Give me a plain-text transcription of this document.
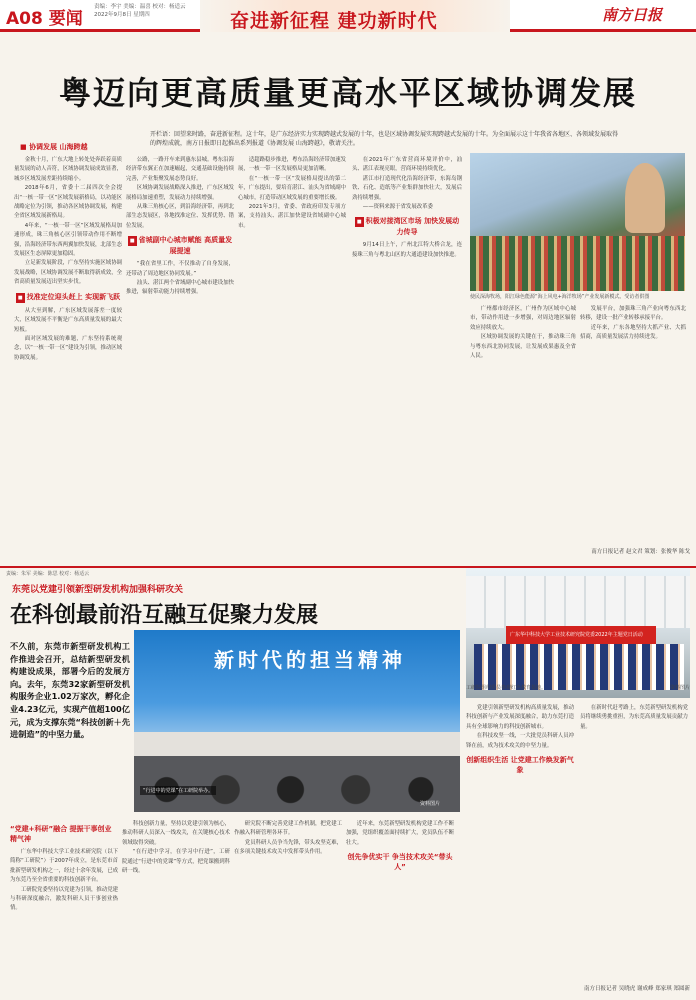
A08 要闻
责编：李宇 美编：温喜 校对：杨适云
2022年9月8日 星期四	奋进新征程 建功新时代	南方日报
粤迈向更高质量更高水平区域协调发展
■ 协调发展 山海跨越
开栏语：回望来时路，奋进新征程。这十年，是广东经济实力实现跨越式发展的十年，也是区域协调发展实现跨越式发展的十年。为全面展示这十年我省各地区、各领域发展取得的辉煌成就，南方日报即日起推出系列报道《协调发展 山海跨越》，敬请关注。

金秋十月，广东大地上转处处奔跃着高质量发展的动人音符，区域协调发展成效显著，城乡区域发展差距持续缩小。

2018年6月，省委十二届四次全会提出“一核一带一区”区域发展新格局，以功能区战略定位为引领，推动各区域协调发展，构建全省区域发展新格局。

4年来，“一核一带一区”区域发展格局加速形成，珠三角核心区引领带动作用不断增强，沿海经济带东西两翼加快发展，北部生态发展区生态屏障更加稳固。

立足新发展阶段，广东坚持实施区域协调发展战略，区域协调发展不断取得新成效，全省高质量发展迈出坚实步伐。

■ 找准定位迎头赶上 实现新飞跃

从大至到解，广东区域发展落差一度较大，区域发展不平衡是广东高质量发展的最大短板。

面对区域发展的难题，广东坚持系统观念，以“一核一带一区”建设为引领，推动区域协调发展。

公路，一路开车来到惠东县城。粤东沿海经济带东翼正在加速崛起，交通基础设施持续完善，产业集聚发展态势良好。

区域协调发展战略深入推进，广东区域发展格局加速重塑，发展动力持续增强。

从珠三角核心区，到沿海经济带，再到北部生态发展区，各地找准定位、发挥优势、错位发展。

■ 省城副中心城市赋能 高质量发展提速

“我在省里工作，不仅推动了自身发展，还带动了周边地区协同发展。”

汕头、湛江两个省域副中心城市建设加快推进，辐射带动能力持续增强。

适超路稳步推进，粤东沿海经济带加速发展，一核一带一区发展格局更加清晰。

在“一核一带一区”发展格局提出的第二年，广东提出，要培育湛江、汕头为省域副中心城市，打造带动区域发展的重要增长极。

2021年3月，省委、省政府印发专项方案，支持汕头、湛江加快建设省域副中心城市。

在2021年广东省营商环境评价中，汕头、湛江表现亮眼，营商环境持续优化。

湛江市打造现代化沿海经济带，东海岛钢铁、石化、造纸等产业集群加快壮大，发展后劲持续增强。

——资料来源于省发展改革委

■ 积极对接湾区市场 加快发展动力传导

9月14日上午，广州北江特大桥合龙，连接珠三角与粤北山区的大通道建设加快推进。

使民深海牧场，阳江绿色能源“海上风电+海洋牧场”产业发展新模式。受访者供图

广州都市经济区，广州作为区域中心城市，带动作用进一步增强，对周边地区辐射效应持续放大。

区域协调发展的关键在于，推动珠三角与粤东西北协同发展，让发展成果惠及全省人民。

发展平台，加强珠三角产业向粤东西北转移，建设一批产业转移承接平台。

近年来，广东各地坚持大抓产业、大抓招商，高质量发展活力持续迸发。

南方日报记者 赵文君 策划：张俊华 陈戈
责编：朱军 美编：陈思 校对：杨适云
东莞以党建引领新型研发机构加强科研攻关
在科创最前沿互融互促聚力发展
广东华中科技大学工业技术研究院党委2022年主题党日活动
工研院组织党员参观红色教育基地。	资料图片
不久前，东莞市新型研发机构工作推进会召开，总结新型研发机构建设成果，部署今后的发展方向。去年，东莞32家新型研发机构服务企业1.02万家次，孵化企业4.23亿元，实现产值超100亿元，成为支撑东莞“科技创新＋先进制造”的中坚力量。
新时代的担当精神
“行进中的党课”在工研院举办。
资料图片
“党建+科研”融合 提振干事创业精气神

广东华中科技大学工业技术研究院（以下简称“工研院”）于2007年成立，是东莞市首批新型研发机构之一，经过十余年发展，已成为东莞乃至全省重要的科技创新平台。

工研院党委坚持以党建为引领，推动党建与科研深度融合，激发科研人员干事创业热情。

科技创新力量，坚持以党建引领为核心，推动科研人员深入一线攻关，在关键核心技术领域取得突破。

“在行进中学习，在学习中行进”，工研院通过“行进中的党课”等方式，把党课搬到科研一线。

研究院不断完善党建工作机制，把党建工作融入科研管理各环节。

党员科研人员争当先锋，带头攻坚克难，在多项关键技术攻关中发挥带头作用。

近年来，东莞新型研发机构党建工作不断加强，党组织覆盖面持续扩大，党员队伍不断壮大。

创先争优实干 争当技术攻关“带头人”

党建引领新型研发机构高质量发展，推动科技创新与产业发展深度融合，助力东莞打造具有全球影响力的科技创新城市。

在科技攻坚一线，一大批党员科研人员冲锋在前，成为技术攻关的中坚力量。

创新组织生活 让党建工作焕发新气象

在新时代赶考路上，东莞新型研发机构党员将继续勇挑重担，为东莞高质量发展贡献力量。

南方日报记者 吴晓虎 谢成峰 郑家琪 郑圆新
